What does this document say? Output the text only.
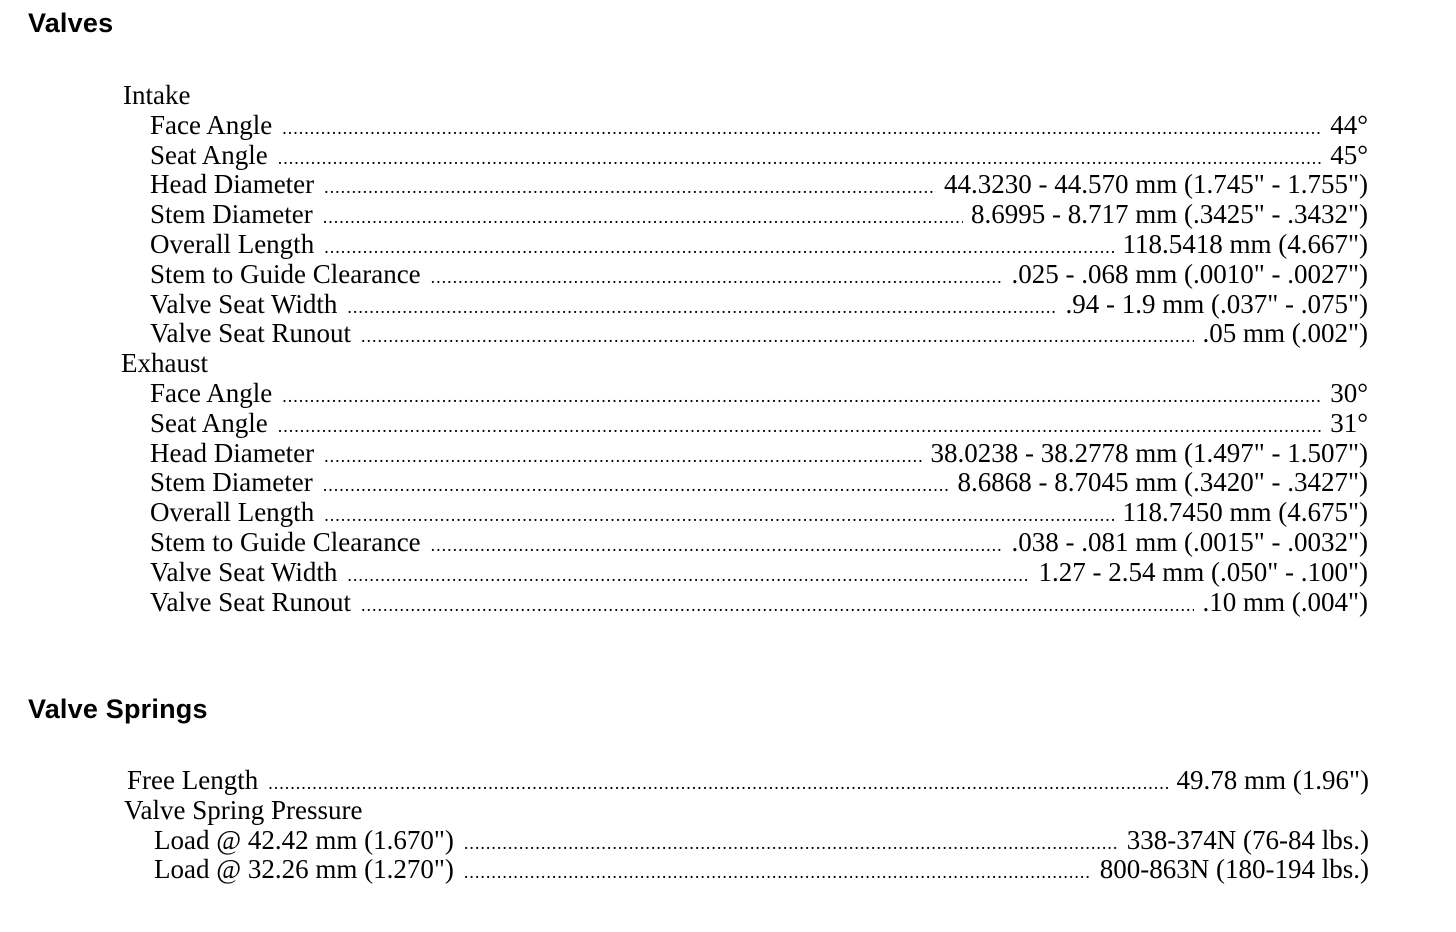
Valves
Intake
Face Angle .....	44°
Seat Angle .....	45°
Head Diameter .....	44.3230 - 44.570 mm (1.745" - 1.755")
Stem Diameter .....	8.6995 - 8.717 mm (.3425" - .3432")
Overall Length .....	118.5418 mm (4.667")
Stem to Guide Clearance .....	.025 - .068 mm (.0010" - .0027")
Valve Seat Width .....	.94 - 1.9 mm (.037" - .075")
Valve Seat Runout .....	.05 mm (.002")
Exhaust
Face Angle .....	30°
Seat Angle .....	31°
Head Diameter .....	38.0238 - 38.2778 mm (1.497" - 1.507")
Stem Diameter .....	8.6868 - 8.7045 mm (.3420" - .3427")
Overall Length .....	118.7450 mm (4.675")
Stem to Guide Clearance .....	.038 - .081 mm (.0015" - .0032")
Valve Seat Width .....	1.27 - 2.54 mm (.050" - .100")
Valve Seat Runout .....	.10 mm (.004")
Valve Springs
Free Length .....	49.78 mm (1.96")
Valve Spring Pressure
Load @ 42.42 mm (1.670") .....	338-374N (76-84 lbs.)
Load @ 32.26 mm (1.270") .....	800-863N (180-194 lbs.)
